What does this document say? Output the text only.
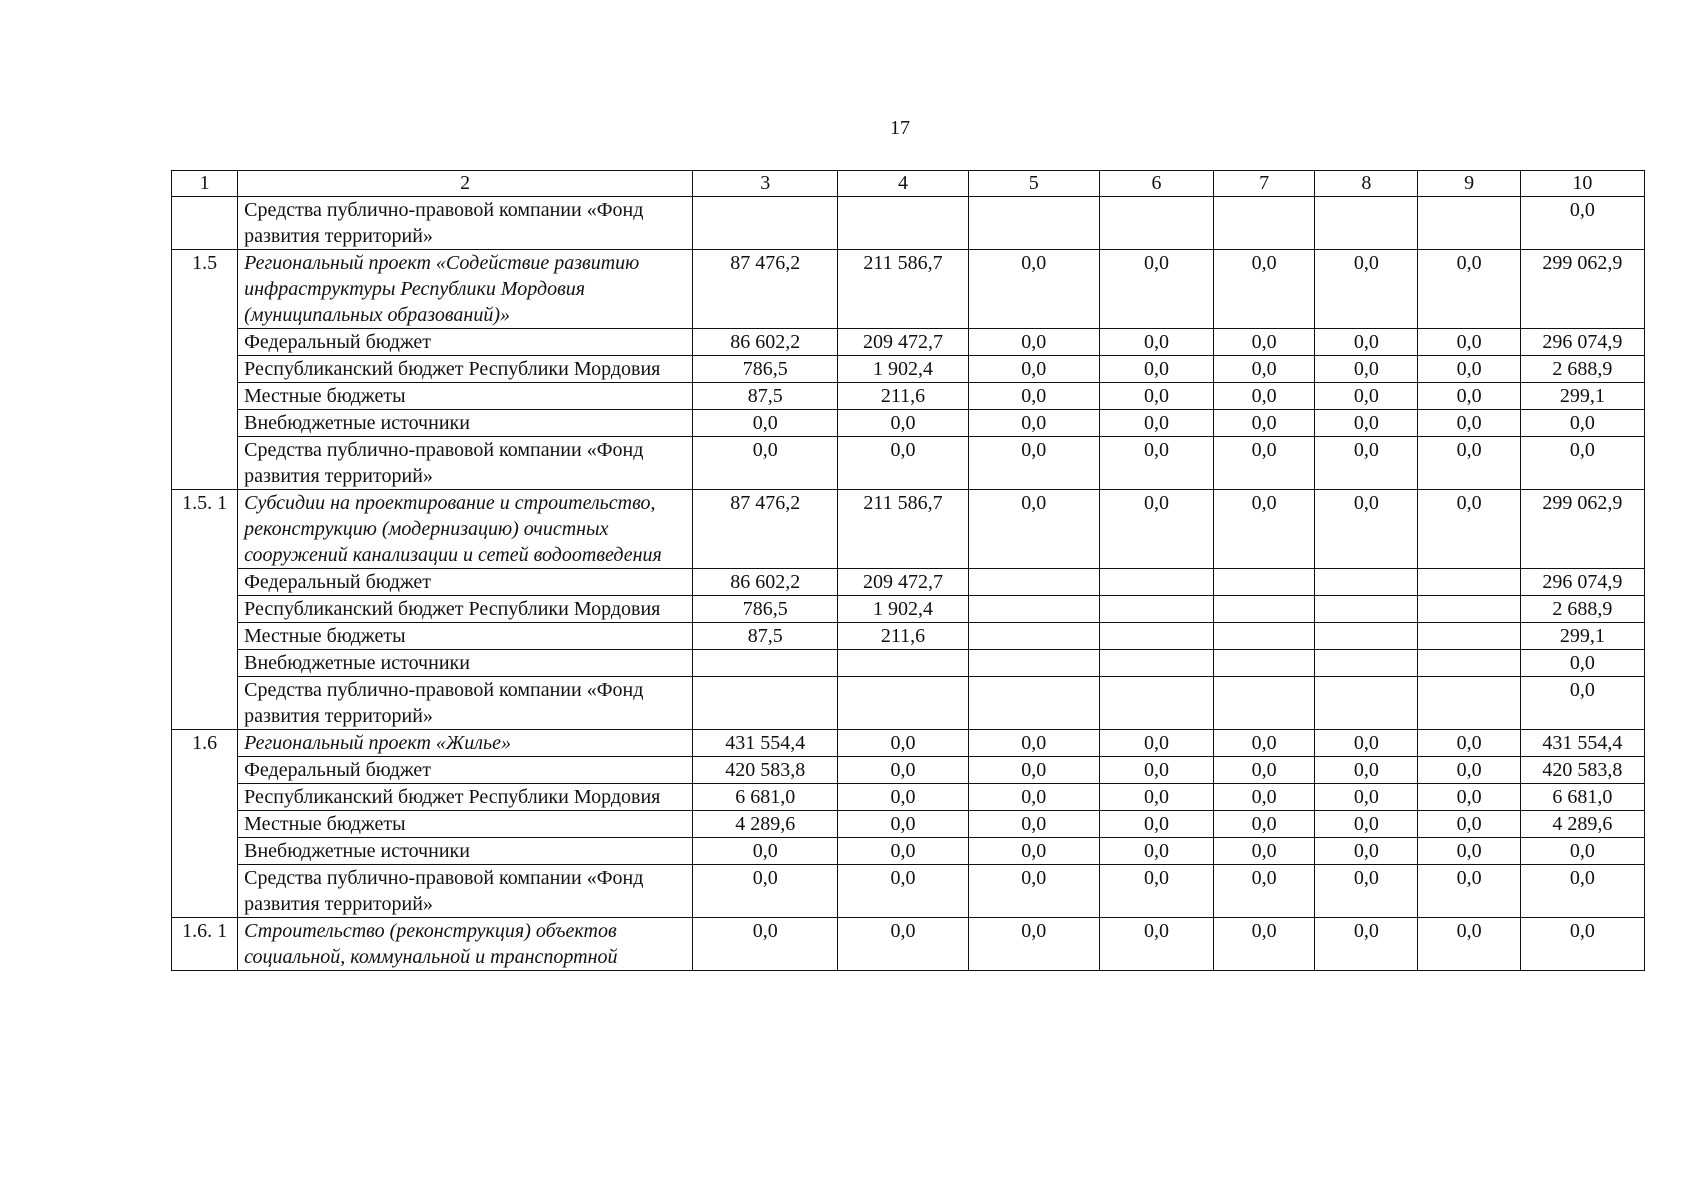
17
1	2	3	4	5	6	7	8	9	10
	Средства публично-правовой компании «Фонд развития территорий»								0,0
1.5	Региональный проект «Содействие развитию инфраструктуры Республики Мордовия (муниципальных образований)»	87 476,2	211 586,7	0,0	0,0	0,0	0,0	0,0	299 062,9
	Федеральный бюджет	86 602,2	209 472,7	0,0	0,0	0,0	0,0	0,0	296 074,9
	Республиканский бюджет Республики Мордовия	786,5	1 902,4	0,0	0,0	0,0	0,0	0,0	2 688,9
	Местные бюджеты	87,5	211,6	0,0	0,0	0,0	0,0	0,0	299,1
	Внебюджетные источники	0,0	0,0	0,0	0,0	0,0	0,0	0,0	0,0
	Средства публично-правовой компании «Фонд развития территорий»	0,0	0,0	0,0	0,0	0,0	0,0	0,0	0,0
1.5. 1	Субсидии на проектирование и строительство, реконструкцию (модернизацию) очистных сооружений канализации и сетей водоотведения	87 476,2	211 586,7	0,0	0,0	0,0	0,0	0,0	299 062,9
	Федеральный бюджет	86 602,2	209 472,7						296 074,9
	Республиканский бюджет Республики Мордовия	786,5	1 902,4						2 688,9
	Местные бюджеты	87,5	211,6						299,1
	Внебюджетные источники								0,0
	Средства публично-правовой компании «Фонд развития территорий»								0,0
1.6	Региональный проект «Жилье»	431 554,4	0,0	0,0	0,0	0,0	0,0	0,0	431 554,4
	Федеральный бюджет	420 583,8	0,0	0,0	0,0	0,0	0,0	0,0	420 583,8
	Республиканский бюджет Республики Мордовия	6 681,0	0,0	0,0	0,0	0,0	0,0	0,0	6 681,0
	Местные бюджеты	4 289,6	0,0	0,0	0,0	0,0	0,0	0,0	4 289,6
	Внебюджетные источники	0,0	0,0	0,0	0,0	0,0	0,0	0,0	0,0
	Средства публично-правовой компании «Фонд развития территорий»	0,0	0,0	0,0	0,0	0,0	0,0	0,0	0,0
1.6. 1	Строительство (реконструкция) объектов социальной, коммунальной и транспортной	0,0	0,0	0,0	0,0	0,0	0,0	0,0	0,0
